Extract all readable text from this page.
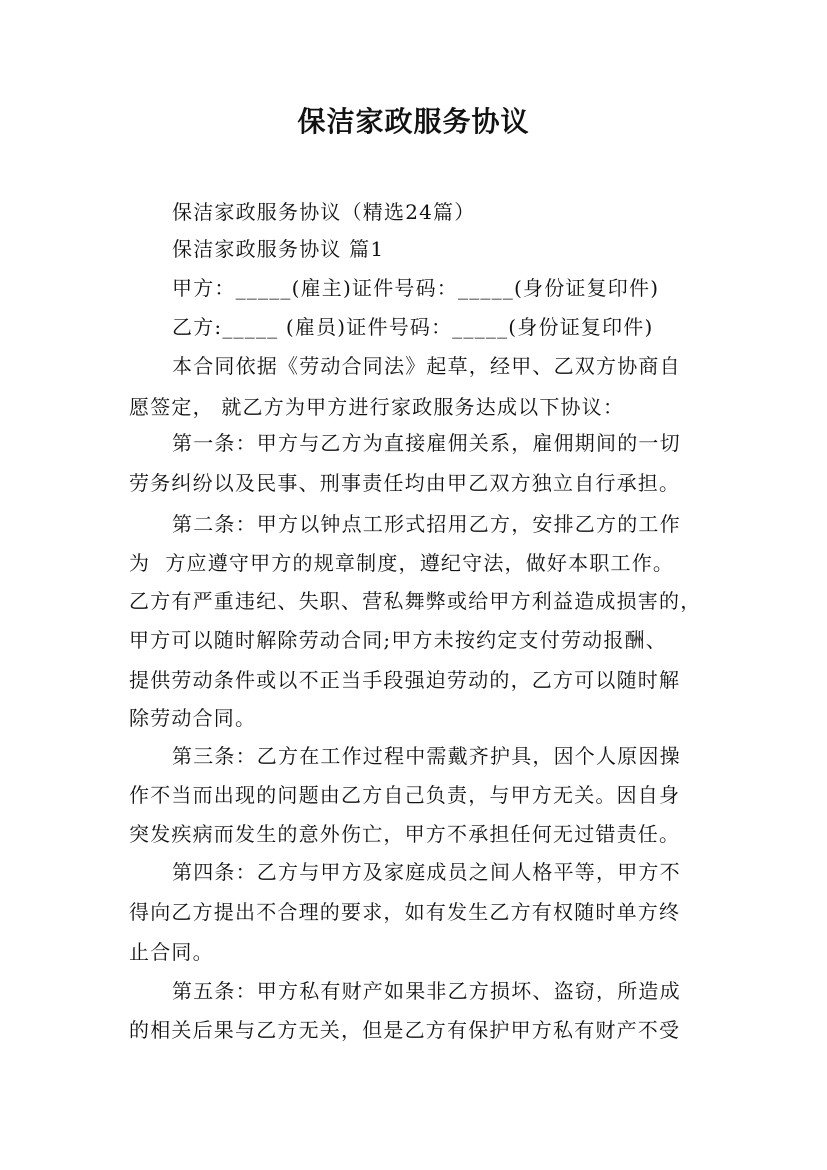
保洁家政服务协议
保洁家政服务协议（精选24篇）
保洁家政服务协议 篇1
甲方：_____(雇主)证件号码：_____(身份证复印件)
乙方:_____ (雇员)证件号码：_____(身份证复印件)
本合同依据《劳动合同法》起草，经甲、乙双方协商自
愿签定， 就乙方为甲方进行家政服务达成以下协议：
第一条：甲方与乙方为直接雇佣关系，雇佣期间的一切
劳务纠纷以及民事、刑事责任均由甲乙双方独立自行承担。
第二条：甲方以钟点工形式招用乙方，安排乙方的工作
为  方应遵守甲方的规章制度，遵纪守法，做好本职工作。
乙方有严重违纪、失职、营私舞弊或给甲方利益造成损害的，
甲方可以随时解除劳动合同;甲方未按约定支付劳动报酬、
提供劳动条件或以不正当手段强迫劳动的，乙方可以随时解
除劳动合同。
第三条：乙方在工作过程中需戴齐护具，因个人原因操
作不当而出现的问题由乙方自己负责，与甲方无关。因自身
突发疾病而发生的意外伤亡，甲方不承担任何无过错责任。
第四条：乙方与甲方及家庭成员之间人格平等，甲方不
得向乙方提出不合理的要求，如有发生乙方有权随时单方终
止合同。
第五条：甲方私有财产如果非乙方损坏、盗窃，所造成
的相关后果与乙方无关，但是乙方有保护甲方私有财产不受
